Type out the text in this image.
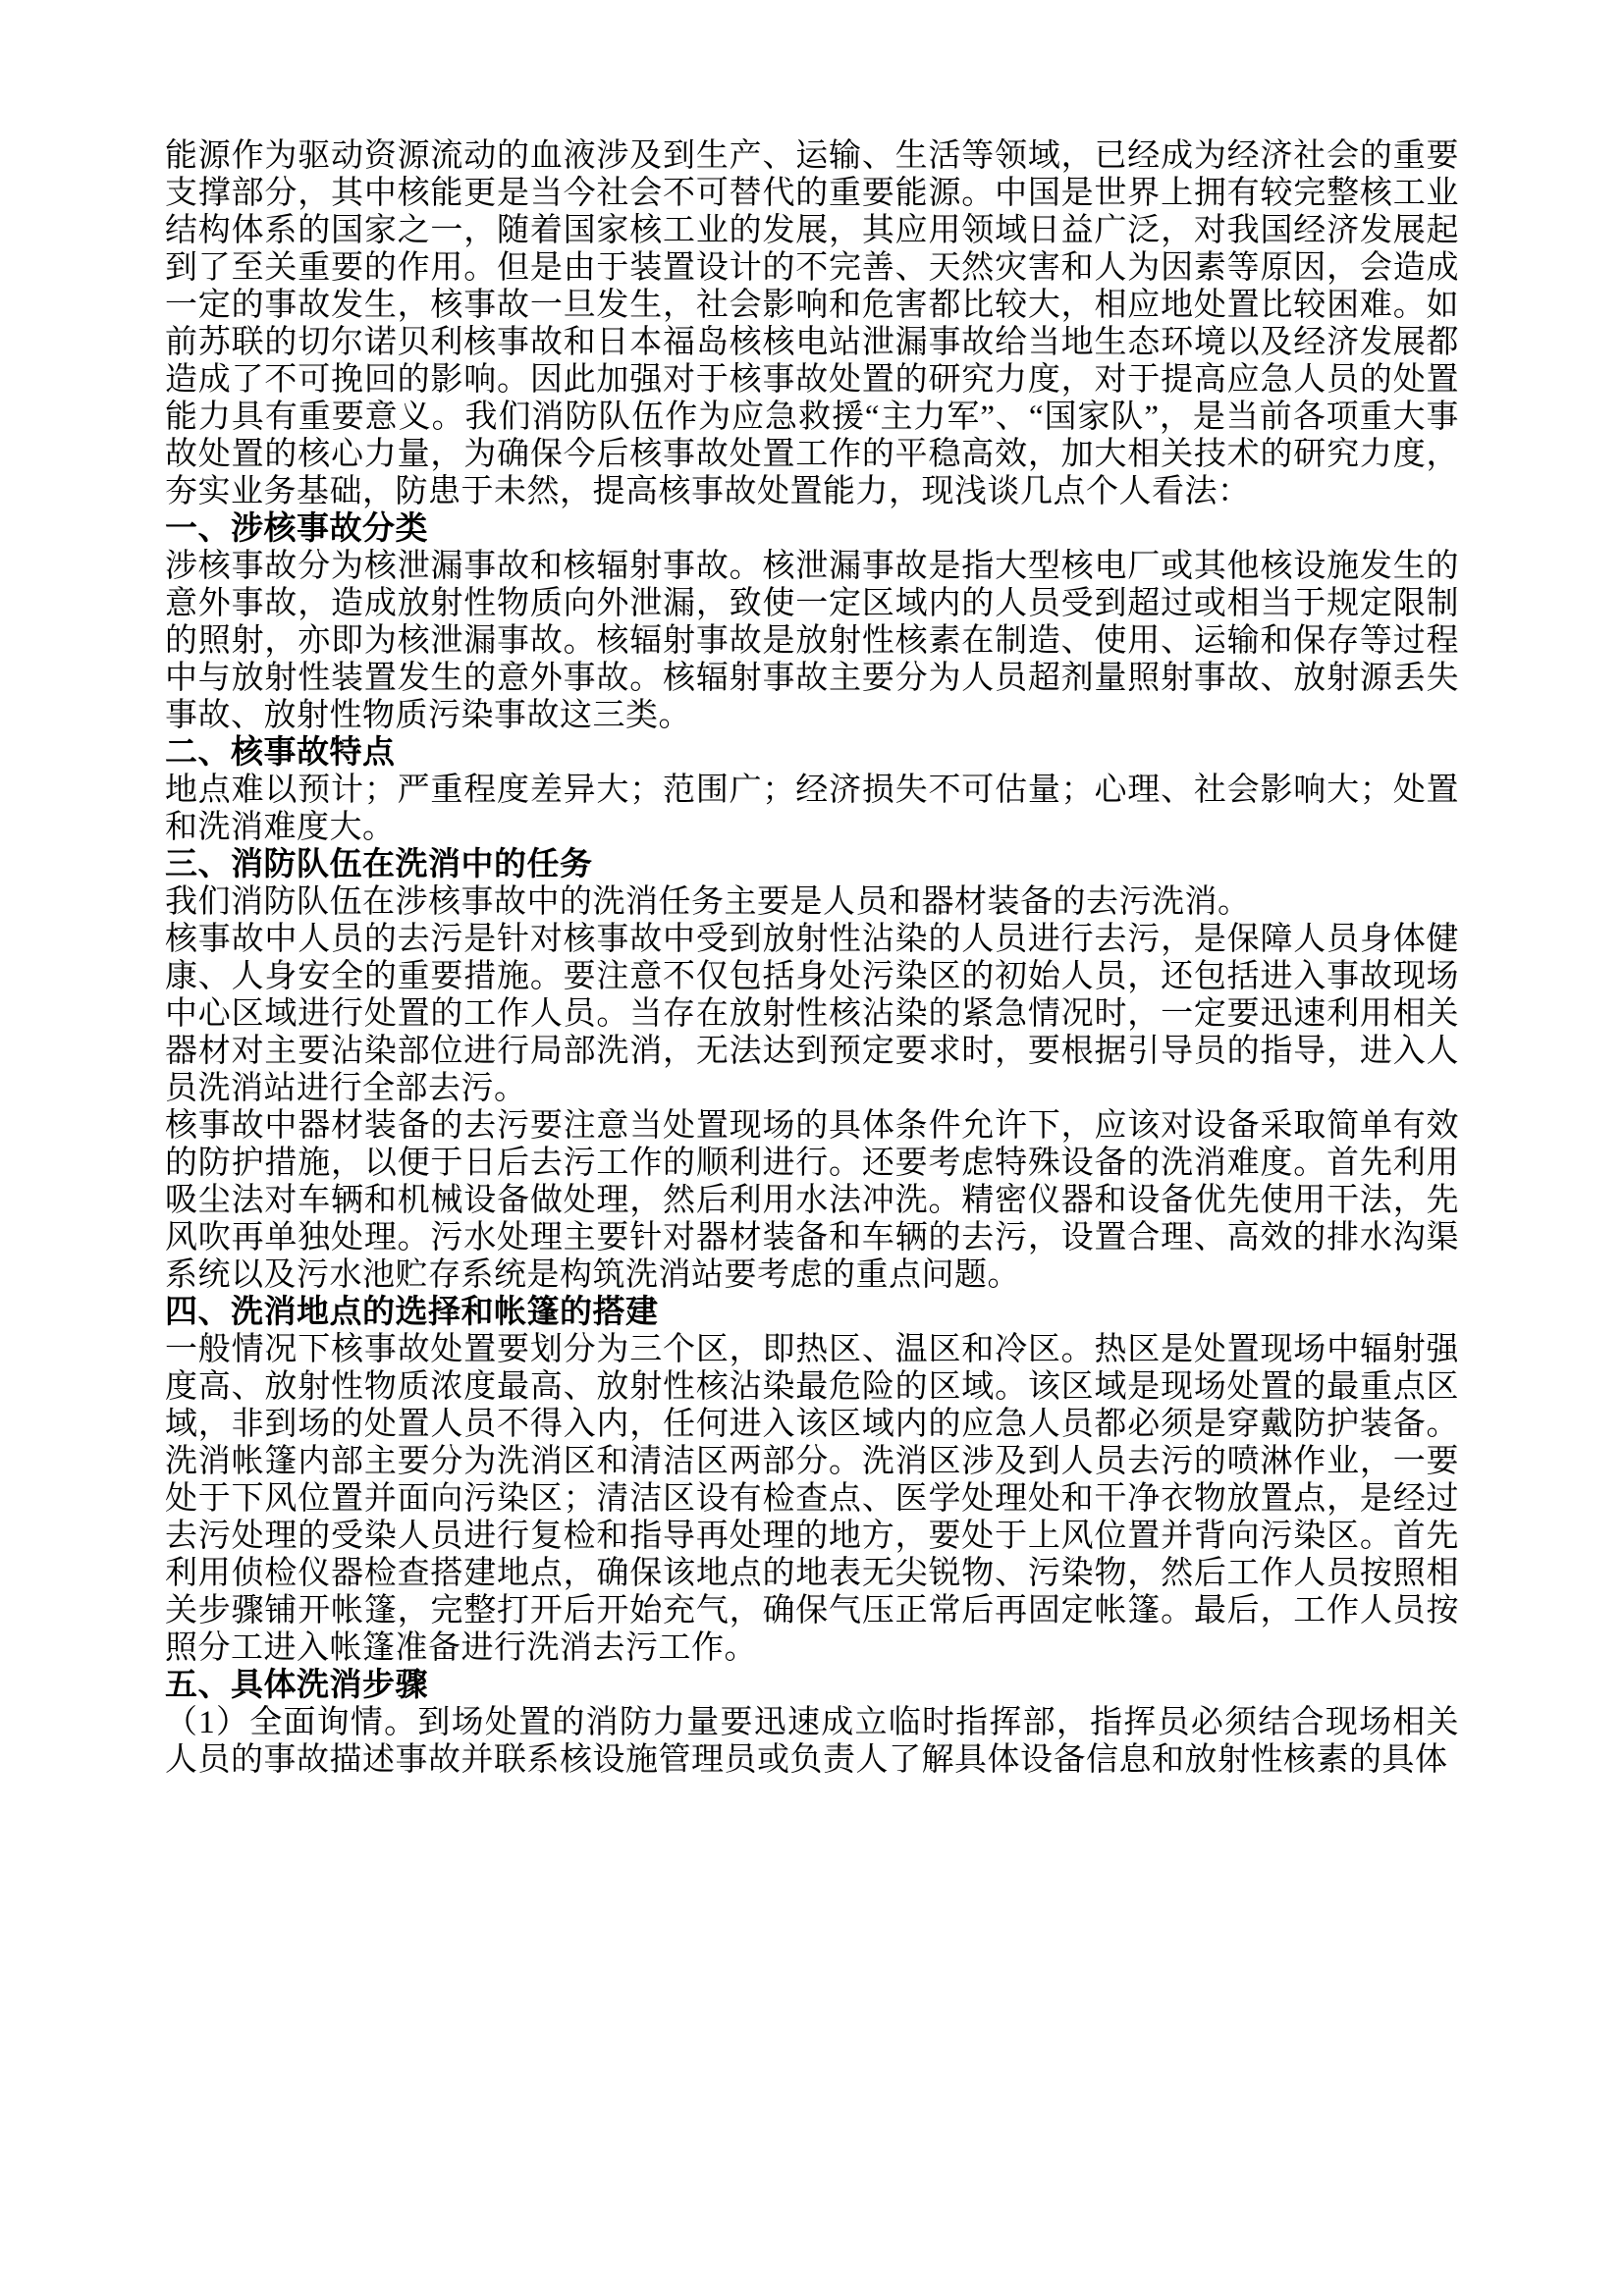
能源作为驱动资源流动的血液涉及到生产、运输、生活等领域，已经成为经济社会的重要支撑部分，其中核能更是当今社会不可替代的重要能源。中国是世界上拥有较完整核工业结构体系的国家之一，随着国家核工业的发展，其应用领域日益广泛，对我国经济发展起到了至关重要的作用。但是由于装置设计的不完善、天然灾害和人为因素等原因，会造成一定的事故发生，核事故一旦发生，社会影响和危害都比较大，相应地处置比较困难。如前苏联的切尔诺贝利核事故和日本福岛核核电站泄漏事故给当地生态环境以及经济发展都造成了不可挽回的影响。因此加强对于核事故处置的研究力度，对于提高应急人员的处置能力具有重要意义。我们消防队伍作为应急救援“主力军”、“国家队”，是当前各项重大事故处置的核心力量，为确保今后核事故处置工作的平稳高效，加大相关技术的研究力度，夯实业务基础，防患于未然，提高核事故处置能力，现浅谈几点个人看法：

一、涉核事故分类

涉核事故分为核泄漏事故和核辐射事故。核泄漏事故是指大型核电厂或其他核设施发生的意外事故，造成放射性物质向外泄漏，致使一定区域内的人员受到超过或相当于规定限制的照射，亦即为核泄漏事故。核辐射事故是放射性核素在制造、使用、运输和保存等过程中与放射性装置发生的意外事故。核辐射事故主要分为人员超剂量照射事故、放射源丢失事故、放射性物质污染事故这三类。

二、核事故特点

地点难以预计；严重程度差异大；范围广；经济损失不可估量；心理、社会影响大；处置和洗消难度大。

三、消防队伍在洗消中的任务

我们消防队伍在涉核事故中的洗消任务主要是人员和器材装备的去污洗消。

核事故中人员的去污是针对核事故中受到放射性沾染的人员进行去污，是保障人员身体健康、人身安全的重要措施。要注意不仅包括身处污染区的初始人员，还包括进入事故现场中心区域进行处置的工作人员。当存在放射性核沾染的紧急情况时，一定要迅速利用相关器材对主要沾染部位进行局部洗消，无法达到预定要求时，要根据引导员的指导，进入人员洗消站进行全部去污。

核事故中器材装备的去污要注意当处置现场的具体条件允许下，应该对设备采取简单有效的防护措施，以便于日后去污工作的顺利进行。还要考虑特殊设备的洗消难度。首先利用吸尘法对车辆和机械设备做处理，然后利用水法冲洗。精密仪器和设备优先使用干法，先风吹再单独处理。污水处理主要针对器材装备和车辆的去污，设置合理、高效的排水沟渠系统以及污水池贮存系统是构筑洗消站要考虑的重点问题。

四、洗消地点的选择和帐篷的搭建

一般情况下核事故处置要划分为三个区，即热区、温区和冷区。热区是处置现场中辐射强度高、放射性物质浓度最高、放射性核沾染最危险的区域。该区域是现场处置的最重点区域，非到场的处置人员不得入内，任何进入该区域内的应急人员都必须是穿戴防护装备。洗消帐篷内部主要分为洗消区和清洁区两部分。洗消区涉及到人员去污的喷淋作业，一要处于下风位置并面向污染区；清洁区设有检查点、医学处理处和干净衣物放置点，是经过去污处理的受染人员进行复检和指导再处理的地方，要处于上风位置并背向污染区。首先利用侦检仪器检查搭建地点，确保该地点的地表无尖锐物、污染物，然后工作人员按照相关步骤铺开帐篷，完整打开后开始充气，确保气压正常后再固定帐篷。最后，工作人员按照分工进入帐篷准备进行洗消去污工作。

五、具体洗消步骤

（1）全面询情。到场处置的消防力量要迅速成立临时指挥部，指挥员必须结合现场相关人员的事故描述事故并联系核设施管理员或负责人了解具体设备信息和放射性核素的具体
